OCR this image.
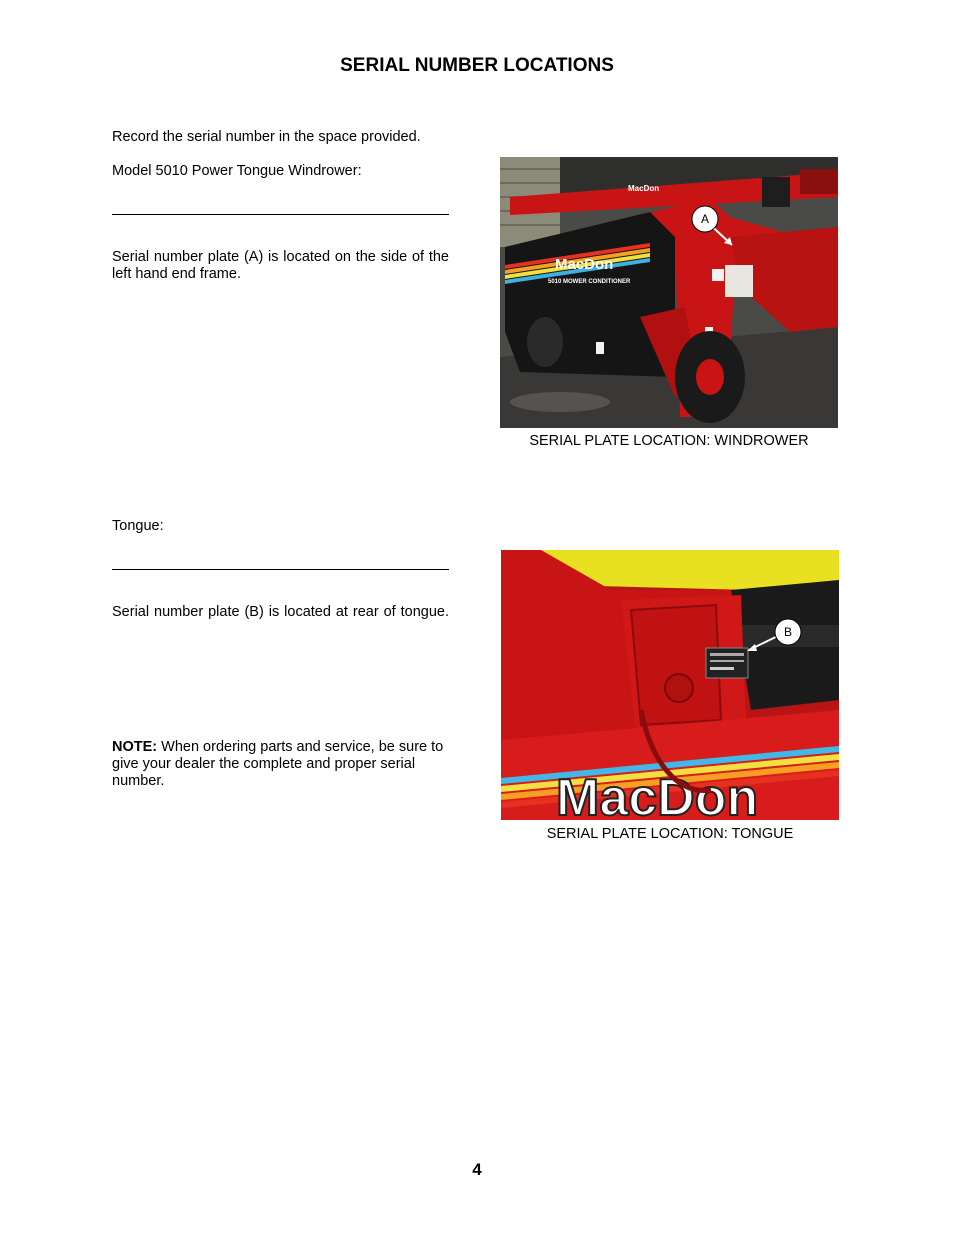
SERIAL NUMBER LOCATIONS
Record the serial number in the space provided.
Model 5010 Power Tongue Windrower:
Serial number plate (A) is located on the side of the left hand end frame.
MacDon
MacDon
5010 MOWER CONDITIONER
A
SERIAL PLATE LOCATION: WINDROWER
Tongue:
Serial number plate (B) is located at rear of tongue.
NOTE: When ordering parts and service, be sure to give your dealer the complete and proper serial number.	MacDon
B
SERIAL PLATE LOCATION: TONGUE
4
